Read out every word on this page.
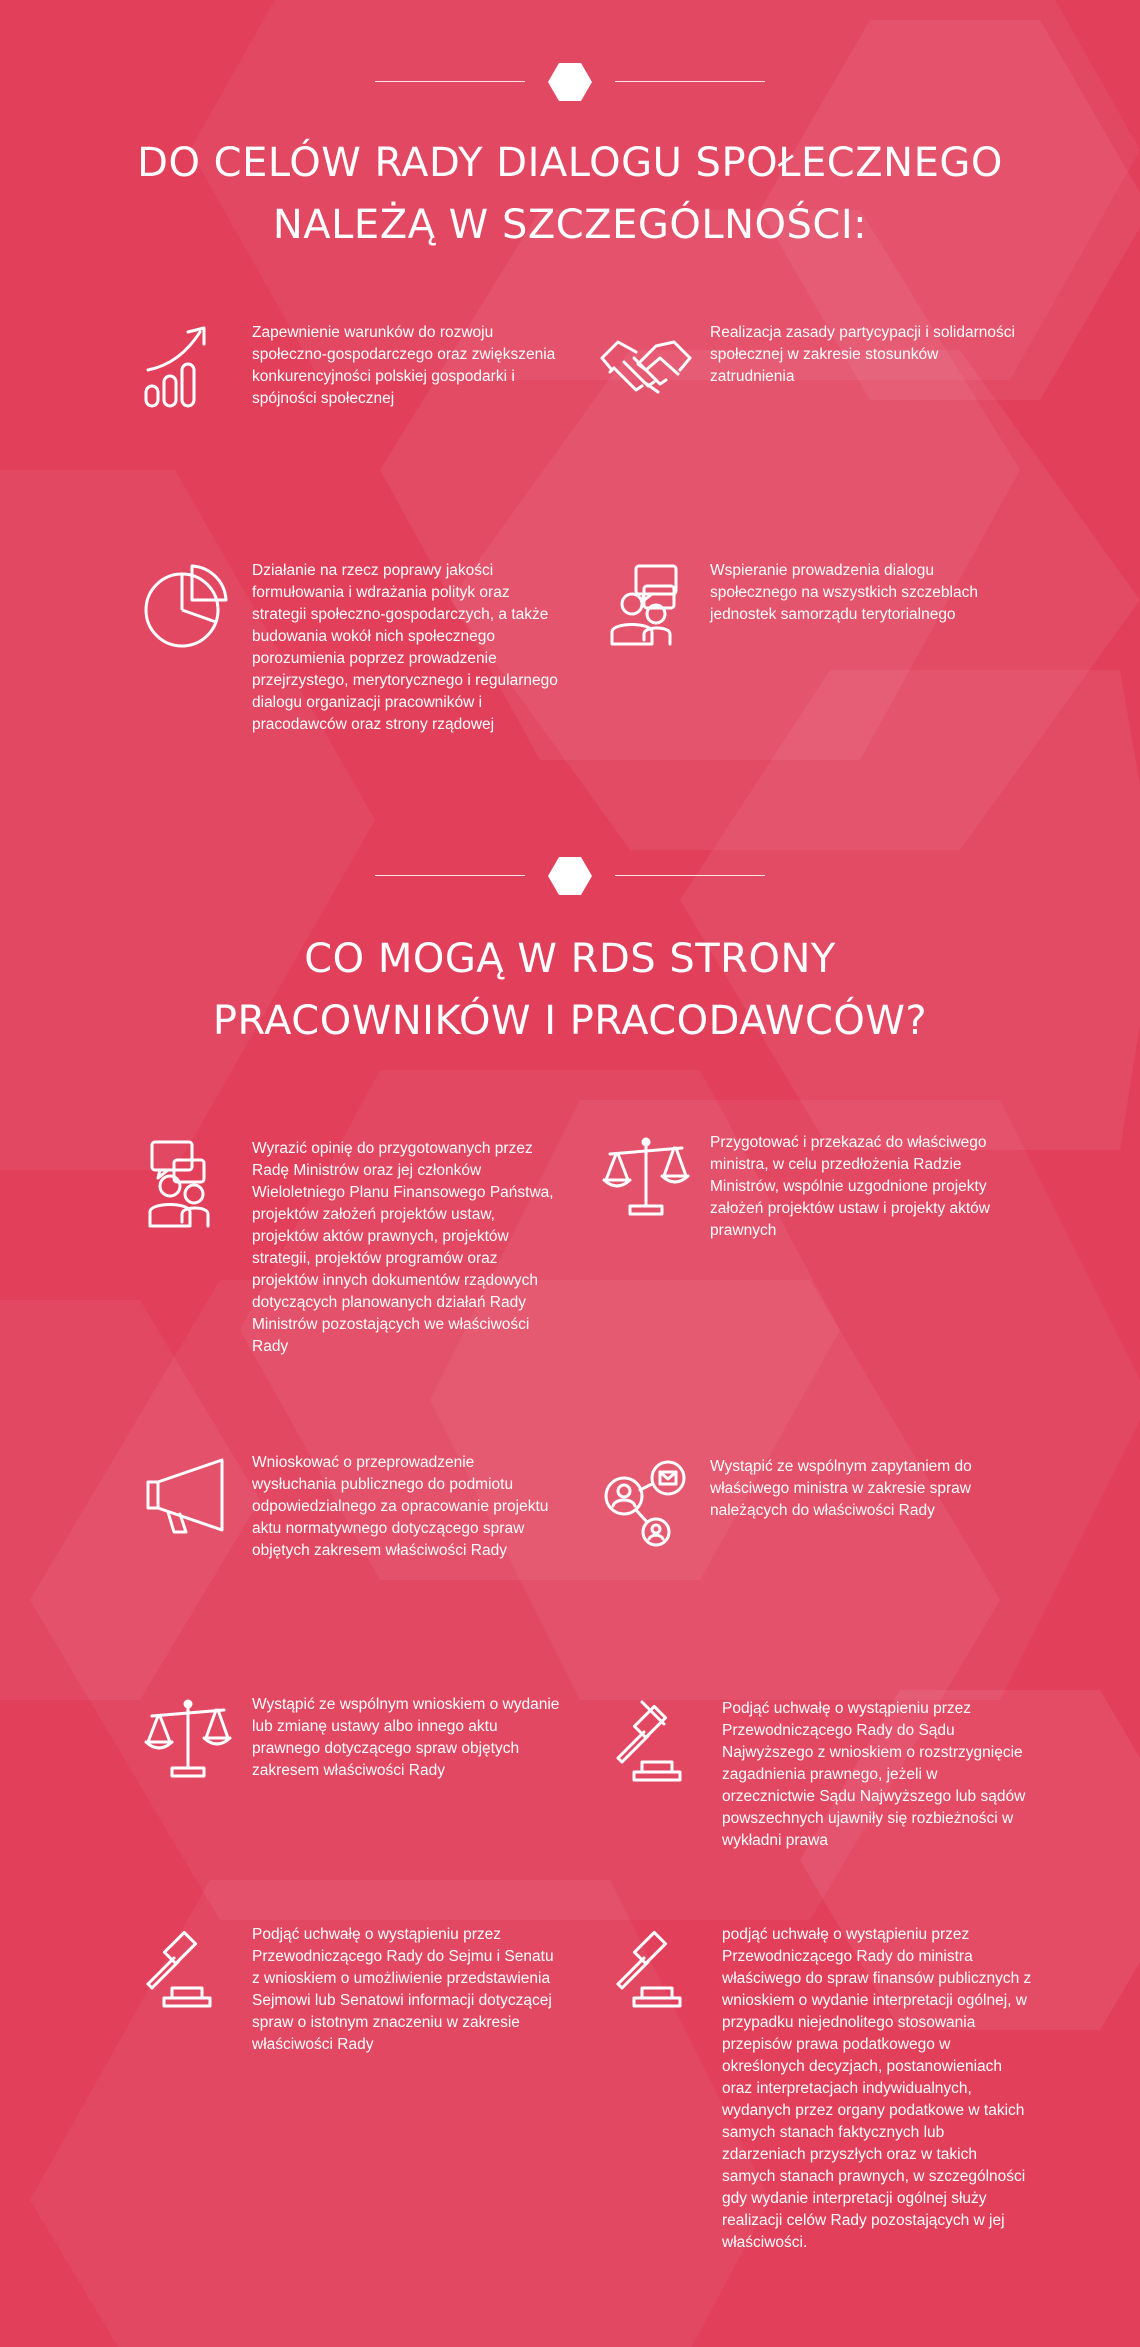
DO CELÓW RADY DIALOGU SPOŁECZNEGO
NALEŻĄ W SZCZEGÓLNOŚCI:
Zapewnienie warunków do rozwoju społeczno-gospodarczego oraz zwiększenia konkurencyjności polskiej gospodarki i spójności społecznej
Realizacja zasady partycypacji i solidarności społecznej w zakresie stosunków zatrudnienia
Działanie na rzecz poprawy jakości formułowania i wdrażania polityk oraz strategii społeczno-gospodarczych, a także budowania wokół nich społecznego porozumienia poprzez prowadzenie przejrzystego, merytorycznego i regularnego dialogu organizacji pracowników i pracodawców oraz strony rządowej
Wspieranie prowadzenia dialogu społecznego na wszystkich szczeblach jednostek samorządu terytorialnego
CO MOGĄ W RDS STRONY
PRACOWNIKÓW I PRACODAWCÓW?
Wyrazić opinię do przygotowanych przez Radę Ministrów oraz jej członków Wieloletniego Planu Finansowego Państwa, projektów założeń projektów ustaw, projektów aktów prawnych, projektów strategii, projektów programów oraz projektów innych dokumentów rządowych dotyczących planowanych działań Rady Ministrów pozostających we właściwości Rady
Przygotować i przekazać do właściwego ministra, w celu przedłożenia Radzie Ministrów, wspólnie uzgodnione projekty założeń projektów ustaw i projekty aktów prawnych
Wnioskować o przeprowadzenie wysłuchania publicznego do podmiotu odpowiedzialnego za opracowanie projektu aktu normatywnego dotyczącego spraw objętych zakresem właściwości Rady
Wystąpić ze wspólnym zapytaniem do właściwego ministra w zakresie spraw należących do właściwości Rady
Wystąpić ze wspólnym wnioskiem o wydanie lub zmianę ustawy albo innego aktu prawnego dotyczącego spraw objętych zakresem właściwości Rady
Podjąć uchwałę o wystąpieniu przez Przewodniczącego Rady do Sądu Najwyższego z wnioskiem o rozstrzygnięcie zagadnienia prawnego, jeżeli w orzecznictwie Sądu Najwyższego lub sądów powszechnych ujawniły się rozbieżności w wykładni prawa
Podjąć uchwałę o wystąpieniu przez Przewodniczącego Rady do Sejmu i Senatu z wnioskiem o umożliwienie przedstawienia Sejmowi lub Senatowi informacji dotyczącej spraw o istotnym znaczeniu w zakresie właściwości Rady
podjąć uchwałę o wystąpieniu przez Przewodniczącego Rady do ministra właściwego do spraw finansów publicznych z wnioskiem o wydanie interpretacji ogólnej, w przypadku niejednolitego stosowania przepisów prawa podatkowego w określonych decyzjach, postanowieniach oraz interpretacjach indywidualnych, wydanych przez organy podatkowe w takich samych stanach faktycznych lub zdarzeniach przyszłych oraz w takich samych stanach prawnych, w szczególności gdy wydanie interpretacji ogólnej służy realizacji celów Rady pozostających w jej właściwości.
